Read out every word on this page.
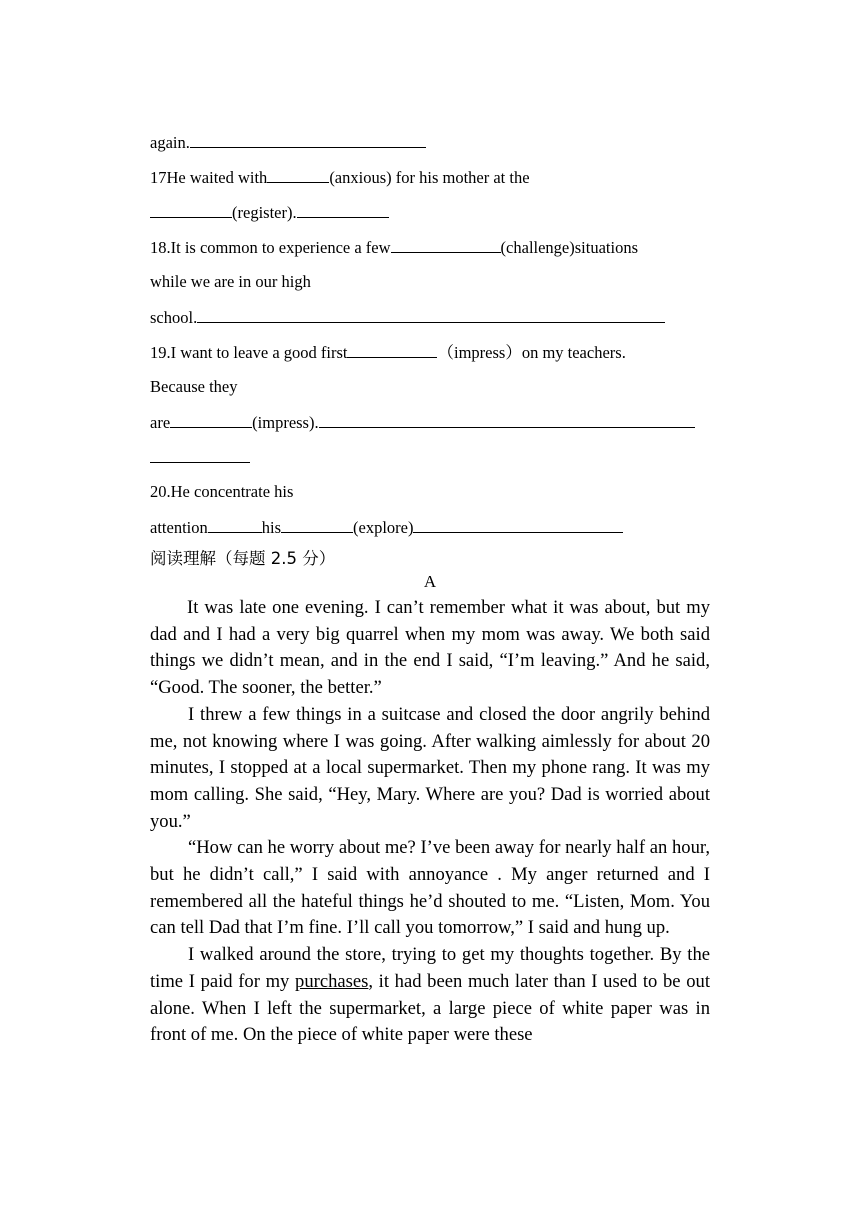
again.
17He waited with	(anxious) for his mother at the
(register).
18.It is common to experience a few	(challenge)situations
while we are in our high
school.
19.I want to leave a good first	（impress）on my teachers.
Because they
are	(impress).
20.He concentrate his
attention	his	(explore)
阅读理解（每题 2.5 分）
A

It was late one evening. I can’t remember what it was about, but my dad and I had a very big quarrel when my mom was away. We both said things we didn’t mean, and in the end I said, “I’m leaving.” And he said, “Good. The sooner, the better.”

I threw a few things in a suitcase and closed the door angrily behind me, not knowing where I was going. After walking aimlessly for about 20 minutes, I stopped at a local supermarket. Then my phone rang. It was my mom calling. She said, “Hey, Mary. Where are you? Dad is worried about you.”

“How can he worry about me? I’ve been away for nearly half an hour, but he didn’t call,” I said with annoyance . My anger returned and I remembered all the hateful things he’d shouted to me. “Listen, Mom. You can tell Dad that I’m fine. I’ll call you tomorrow,” I said and hung up.

I walked around the store, trying to get my thoughts together. By the time I paid for my purchases, it had been much later than I used to be out alone. When I left the supermarket, a large piece of white paper was in front of me. On the piece of white paper were these
